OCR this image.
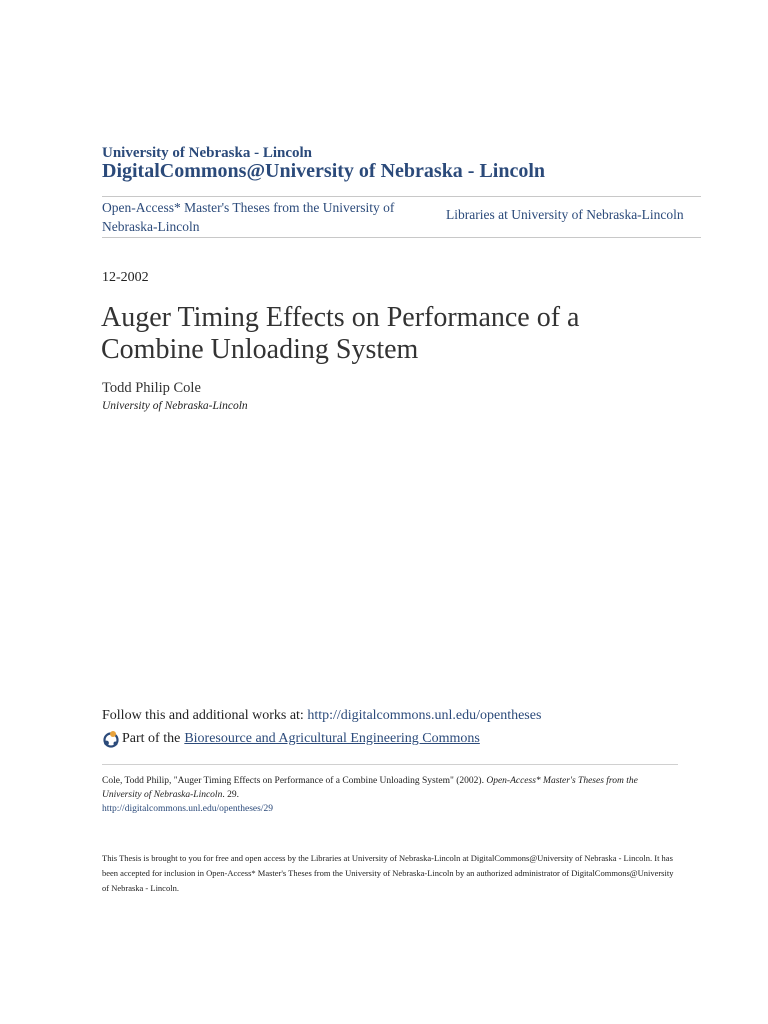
University of Nebraska - Lincoln
DigitalCommons@University of Nebraska - Lincoln
Open-Access* Master's Theses from the University of Nebraska-Lincoln
Libraries at University of Nebraska-Lincoln
12-2002
Auger Timing Effects on Performance of a Combine Unloading System
Todd Philip Cole
University of Nebraska-Lincoln
Follow this and additional works at: http://digitalcommons.unl.edu/opentheses
Part of the Bioresource and Agricultural Engineering Commons
Cole, Todd Philip, "Auger Timing Effects on Performance of a Combine Unloading System" (2002). Open-Access* Master's Theses from the University of Nebraska-Lincoln. 29.
http://digitalcommons.unl.edu/opentheses/29
This Thesis is brought to you for free and open access by the Libraries at University of Nebraska-Lincoln at DigitalCommons@University of Nebraska - Lincoln. It has been accepted for inclusion in Open-Access* Master's Theses from the University of Nebraska-Lincoln by an authorized administrator of DigitalCommons@University of Nebraska - Lincoln.
